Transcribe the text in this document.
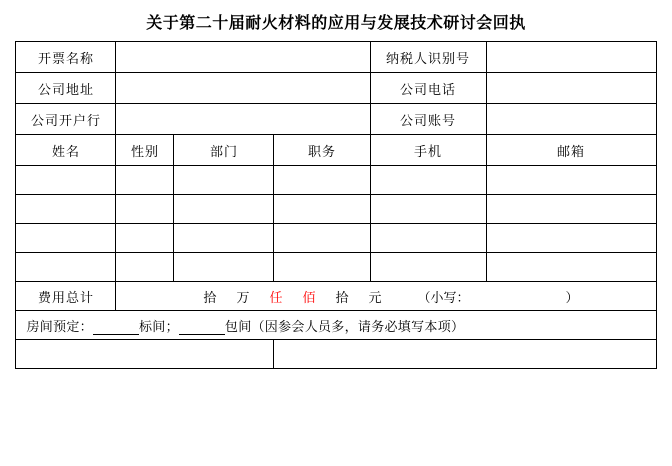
关于第二十届耐火材料的应用与发展技术研讨会回执
开票名称				纳税人识别号	
公司地址				公司电话	
公司开户行				公司账号	
姓名	性别	部门	职务	手机	邮箱

费用总计	拾 万 任 佰 拾 元 （小写： ）				
房间预定： 标间； 包间（因参会人员多，请务必填写本项）					
